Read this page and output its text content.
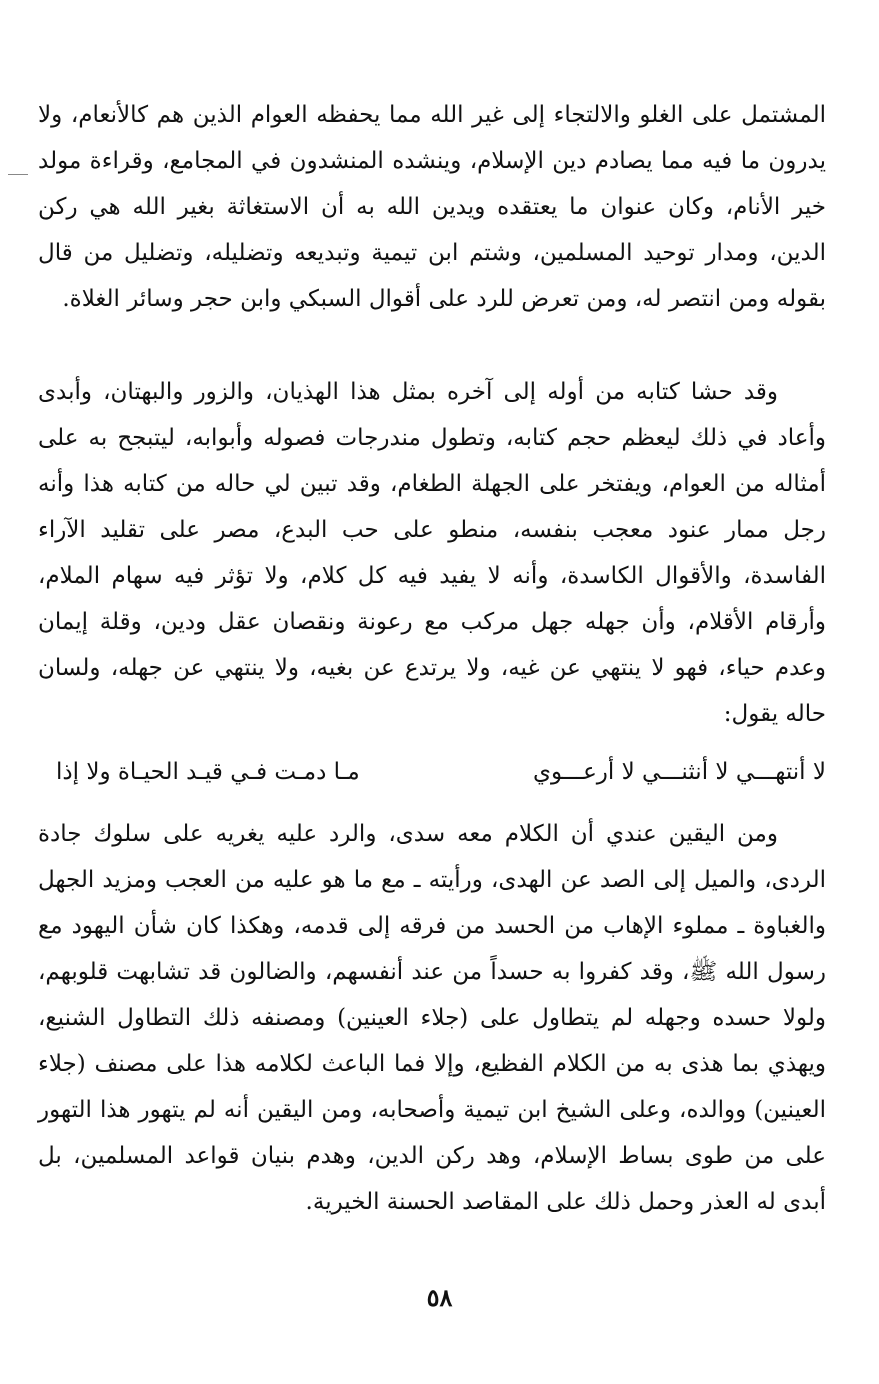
المشتمل على الغلو والالتجاء إلى غير الله مما يحفظه العوام الذين هم كالأنعام، ولا يدرون ما فيه مما يصادم دين الإسلام، وينشده المنشدون في المجامع، وقراءة مولد خير الأنام، وكان عنوان ما يعتقده ويدين الله به أن الاستغاثة بغير الله هي ركن الدين، ومدار توحيد المسلمين، وشتم ابن تيمية وتبديعه وتضليله، وتضليل من قال بقوله ومن انتصر له، ومن تعرض للرد على أقوال السبكي وابن حجر وسائر الغلاة.

وقد حشا كتابه من أوله إلى آخره بمثل هذا الهذيان، والزور والبهتان، وأبدى وأعاد في ذلك ليعظم حجم كتابه، وتطول مندرجات فصوله وأبوابه، ليتبجح به على أمثاله من العوام، ويفتخر على الجهلة الطغام، وقد تبين لي حاله من كتابه هذا وأنه رجل ممار عنود معجب بنفسه، منطو على حب البدع، مصر على تقليد الآراء الفاسدة، والأقوال الكاسدة، وأنه لا يفيد فيه كل كلام، ولا تؤثر فيه سهام الملام، وأرقام الأقلام، وأن جهله جهل مركب مع رعونة ونقصان عقل ودين، وقلة إيمان وعدم حياء، فهو لا ينتهي عن غيه، ولا يرتدع عن بغيه، ولا ينتهي عن جهله، ولسان حاله يقول:

لا أنتهـــي لا أنثنـــي لا أرعـــوي
مـا دمـت فـي قيـد الحيـاة ولا إذا

ومن اليقين عندي أن الكلام معه سدى، والرد عليه يغريه على سلوك جادة الردى، والميل إلى الصد عن الهدى، ورأيته ـ مع ما هو عليه من العجب ومزيد الجهل والغباوة ـ مملوء الإهاب من الحسد من فرقه إلى قدمه، وهكذا كان شأن اليهود مع رسول الله ﷺ، وقد كفروا به حسداً من عند أنفسهم، والضالون قد تشابهت قلوبهم، ولولا حسده وجهله لم يتطاول على (جلاء العينين) ومصنفه ذلك التطاول الشنيع، ويهذي بما هذى به من الكلام الفظيع، وإلا فما الباعث لكلامه هذا على مصنف (جلاء العينين) ووالده، وعلى الشيخ ابن تيمية وأصحابه، ومن اليقين أنه لم يتهور هذا التهور على من طوى بساط الإسلام، وهد ركن الدين، وهدم بنيان قواعد المسلمين، بل أبدى له العذر وحمل ذلك على المقاصد الحسنة الخيرية.

٥٨
